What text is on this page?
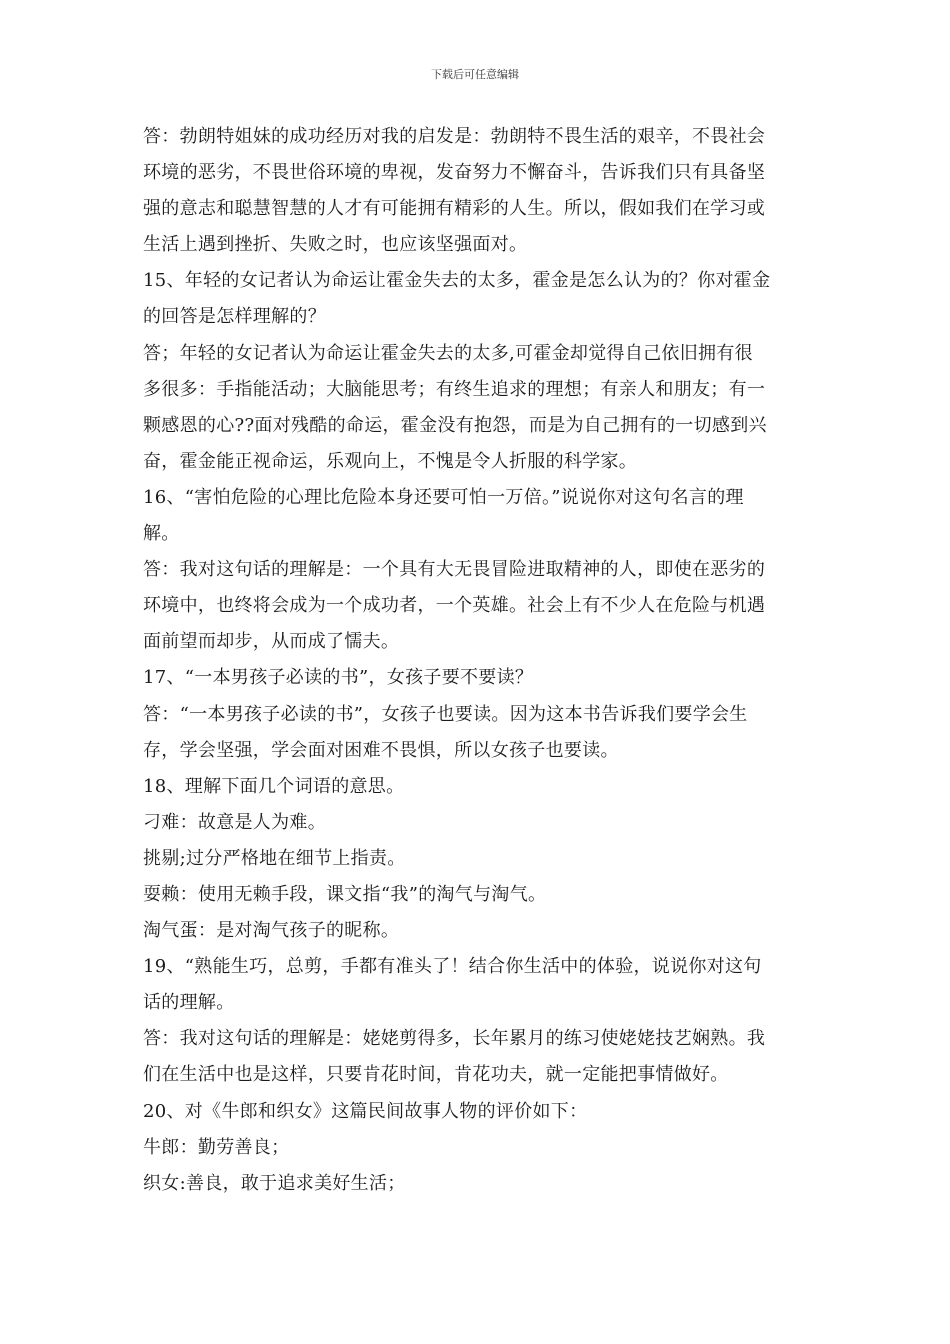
下载后可任意编辑
答：勃朗特姐妹的成功经历对我的启发是：勃朗特不畏生活的艰辛，不畏社会
环境的恶劣，不畏世俗环境的卑视，发奋努力不懈奋斗，告诉我们只有具备坚
强的意志和聪慧智慧的人才有可能拥有精彩的人生。所以，假如我们在学习或
生活上遇到挫折、失败之时，也应该坚强面对。
15、年轻的女记者认为命运让霍金失去的太多，霍金是怎么认为的？你对霍金
的回答是怎样理解的？
答；年轻的女记者认为命运让霍金失去的太多,可霍金却觉得自己依旧拥有很
多很多：手指能活动；大脑能思考；有终生追求的理想；有亲人和朋友；有一
颗感恩的心??面对残酷的命运，霍金没有抱怨，而是为自己拥有的一切感到兴
奋，霍金能正视命运，乐观向上，不愧是令人折服的科学家。
16、“害怕危险的心理比危险本身还要可怕一万倍。”说说你对这句名言的理
解。
答：我对这句话的理解是：一个具有大无畏冒险进取精神的人，即使在恶劣的
环境中，也终将会成为一个成功者，一个英雄。社会上有不少人在危险与机遇
面前望而却步，从而成了懦夫。
17、“一本男孩子必读的书”，女孩子要不要读？
答：“一本男孩子必读的书”，女孩子也要读。因为这本书告诉我们要学会生
存，学会坚强，学会面对困难不畏惧，所以女孩子也要读。
18、理解下面几个词语的意思。
刁难：故意是人为难。
挑剔;过分严格地在细节上指责。
耍赖：使用无赖手段，课文指“我”的淘气与淘气。
淘气蛋：是对淘气孩子的昵称。
19、“熟能生巧，总剪，手都有准头了！结合你生活中的体验，说说你对这句
话的理解。
答：我对这句话的理解是：姥姥剪得多，长年累月的练习使姥姥技艺娴熟。我
们在生活中也是这样，只要肯花时间，肯花功夫，就一定能把事情做好。
20、对《牛郎和织女》这篇民间故事人物的评价如下：
牛郎：勤劳善良；
织女:善良，敢于追求美好生活；
